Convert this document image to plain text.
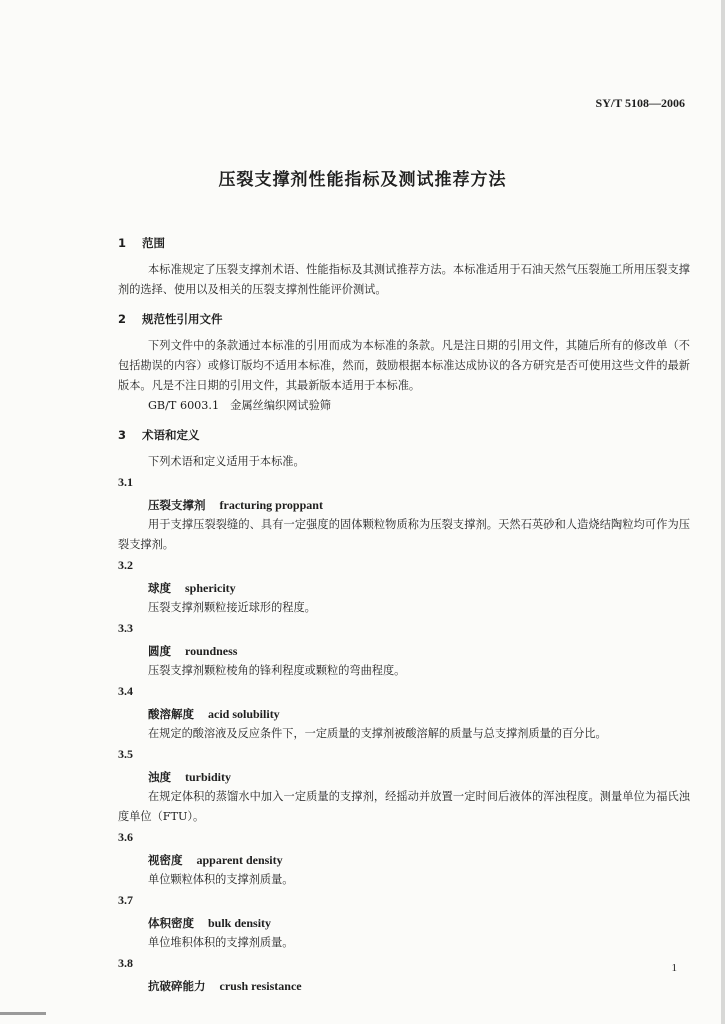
SY/T 5108—2006
压裂支撑剂性能指标及测试推荐方法
1 范围
本标准规定了压裂支撑剂术语、性能指标及其测试推荐方法。本标准适用于石油天然气压裂施工所用压裂支撑剂的选择、使用以及相关的压裂支撑剂性能评价测试。
2 规范性引用文件
下列文件中的条款通过本标准的引用而成为本标准的条款。凡是注日期的引用文件，其随后所有的修改单（不包括勘误的内容）或修订版均不适用本标准，然而，鼓励根据本标准达成协议的各方研究是否可使用这些文件的最新版本。凡是不注日期的引用文件，其最新版本适用于本标准。
GB/T 6003.1　金属丝编织网试验筛
3 术语和定义
下列术语和定义适用于本标准。
3.1
压裂支撑剂 fracturing proppant
用于支撑压裂裂缝的、具有一定强度的固体颗粒物质称为压裂支撑剂。天然石英砂和人造烧结陶粒均可作为压裂支撑剂。
3.2
球度 sphericity
压裂支撑剂颗粒接近球形的程度。
3.3
圆度 roundness
压裂支撑剂颗粒棱角的锋利程度或颗粒的弯曲程度。
3.4
酸溶解度 acid solubility
在规定的酸溶液及反应条件下，一定质量的支撑剂被酸溶解的质量与总支撑剂质量的百分比。
3.5
浊度 turbidity
在规定体积的蒸馏水中加入一定质量的支撑剂，经摇动并放置一定时间后液体的浑浊程度。测量单位为福氏浊度单位（FTU）。
3.6
视密度 apparent density
单位颗粒体积的支撑剂质量。
3.7
体积密度 bulk density
单位堆积体积的支撑剂质量。
3.8
抗破碎能力 crush resistance
1
